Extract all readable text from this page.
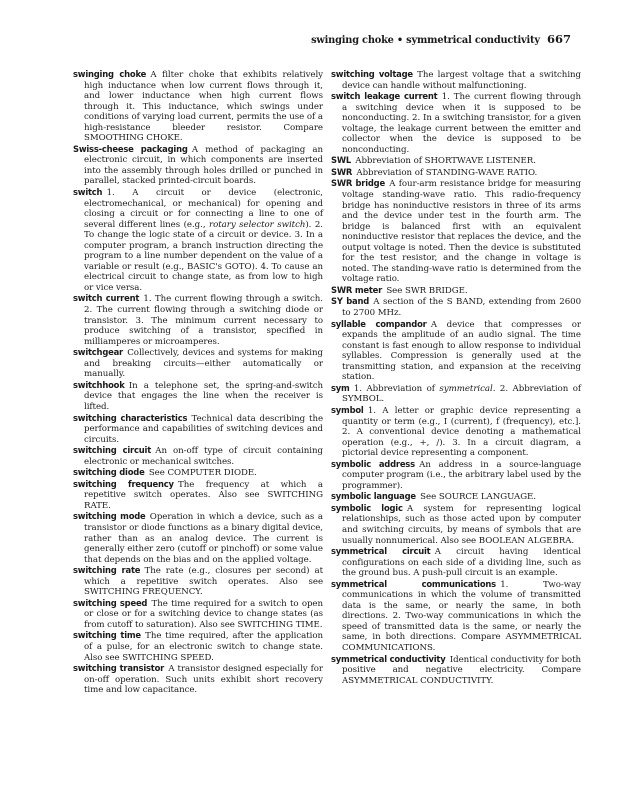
swinging choke • symmetrical conductivity 667
swinging choke A filter choke that exhibits relatively high inductance when low current flows through it, and lower inductance when high current flows through it. This inductance, which swings under conditions of varying load current, permits the use of a high-resistance bleeder resistor. Compare SMOOTHING CHOKE.
Swiss-cheese packaging A method of packaging an electronic circuit, in which components are inserted into the assembly through holes drilled or punched in parallel, stacked printed-circuit boards.
switch 1. A circuit or device (electronic, electromechanical, or mechanical) for opening and closing a circuit or for connecting a line to one of several different lines (e.g., rotary selector switch). 2. To change the logic state of a circuit or device. 3. In a computer program, a branch instruction directing the program to a line number dependent on the value of a variable or result (e.g., BASIC's GOTO). 4. To cause an electrical circuit to change state, as from low to high or vice versa.
switch current 1. The current flowing through a switch. 2. The current flowing through a switching diode or transistor. 3. The minimum current necessary to produce switching of a transistor, specified in milliamperes or microamperes.
switchgear Collectively, devices and systems for making and breaking circuits—either automatically or manually.
switchhook In a telephone set, the spring-and-switch device that engages the line when the receiver is lifted.
switching characteristics Technical data describing the performance and capabilities of switching devices and circuits.
switching circuit An on-off type of circuit containing electronic or mechanical switches.
switching diode See COMPUTER DIODE.
switching frequency The frequency at which a repetitive switch operates. Also see SWITCHING RATE.
switching mode Operation in which a device, such as a transistor or diode functions as a binary digital device, rather than as an analog device. The current is generally either zero (cutoff or pinchoff) or some value that depends on the bias and on the applied voltage.
switching rate The rate (e.g., closures per second) at which a repetitive switch operates. Also see SWITCHING FREQUENCY.
switching speed The time required for a switch to open or close or for a switching device to change states (as from cutoff to saturation). Also see SWITCHING TIME.
switching time The time required, after the application of a pulse, for an electronic switch to change state. Also see SWITCHING SPEED.
switching transistor A transistor designed especially for on-off operation. Such units exhibit short recovery time and low capacitance.
switching voltage The largest voltage that a switching device can handle without malfunctioning.
switch leakage current 1. The current flowing through a switching device when it is supposed to be nonconducting. 2. In a switching transistor, for a given voltage, the leakage current between the emitter and collector when the device is supposed to be nonconducting.
SWL Abbreviation of SHORTWAVE LISTENER.
SWR Abbreviation of STANDING-WAVE RATIO.
SWR bridge A four-arm resistance bridge for measuring voltage standing-wave ratio. This radio-frequency bridge has noninductive resistors in three of its arms and the device under test in the fourth arm. The bridge is balanced first with an equivalent noninductive resistor that replaces the device, and the output voltage is noted. Then the device is substituted for the test resistor, and the change in voltage is noted. The standing-wave ratio is determined from the voltage ratio.
SWR meter See SWR BRIDGE.
SY band A section of the S BAND, extending from 2600 to 2700 MHz.
syllable compandor A device that compresses or expands the amplitude of an audio signal. The time constant is fast enough to allow response to individual syllables. Compression is generally used at the transmitting station, and expansion at the receiving station.
sym 1. Abbreviation of symmetrical. 2. Abbreviation of SYMBOL.
symbol 1. A letter or graphic device representing a quantity or term (e.g., I (current), f (frequency), etc.]. 2. A conventional device denoting a mathematical operation (e.g., +, /). 3. In a circuit diagram, a pictorial device representing a component.
symbolic address An address in a source-language computer program (i.e., the arbitrary label used by the programmer).
symbolic language See SOURCE LANGUAGE.
symbolic logic A system for representing logical relationships, such as those acted upon by computer and switching circuits, by means of symbols that are usually nonnumerical. Also see BOOLEAN ALGEBRA.
symmetrical circuit A circuit having identical configurations on each side of a dividing line, such as the ground bus. A push-pull circuit is an example.
symmetrical communications 1. Two-way communications in which the volume of transmitted data is the same, or nearly the same, in both directions. 2. Two-way communications in which the speed of transmitted data is the same, or nearly the same, in both directions. Compare ASYMMETRICAL COMMUNICATIONS.
symmetrical conductivity Identical conductivity for both positive and negative electricity. Compare ASYMMETRICAL CONDUCTIVITY.
